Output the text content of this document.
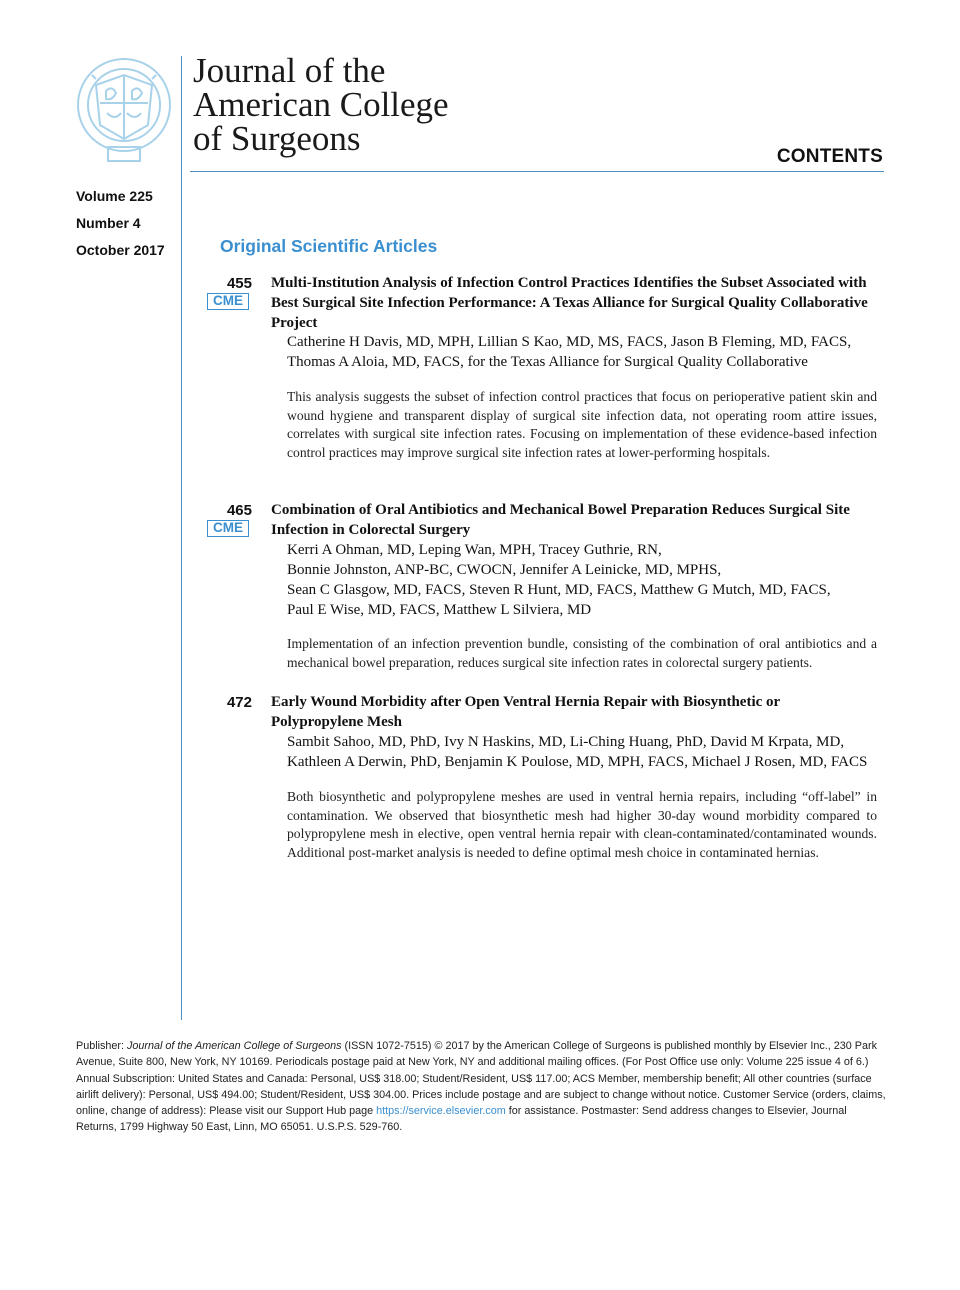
Journal of the
American College
of Surgeons	CONTENTS
Volume 225
Number 4
October 2017	Original Scientific Articles
455
CME
Multi-Institution Analysis of Infection Control Practices Identifies the Subset Associated with Best Surgical Site Infection Performance: A Texas Alliance for Surgical Quality Collaborative Project
Catherine H Davis, MD, MPH, Lillian S Kao, MD, MS, FACS, Jason B Fleming, MD, FACS,
Thomas A Aloia, MD, FACS, for the Texas Alliance for Surgical Quality Collaborative
This analysis suggests the subset of infection control practices that focus on perioperative patient skin and wound hygiene and transparent display of surgical site infection data, not operating room attire issues, correlates with surgical site infection rates. Focusing on implementation of these evidence-based infection control practices may improve surgical site infection rates at lower-performing hospitals.
465
CME
Combination of Oral Antibiotics and Mechanical Bowel Preparation Reduces Surgical Site Infection in Colorectal Surgery
Kerri A Ohman, MD, Leping Wan, MPH, Tracey Guthrie, RN,
Bonnie Johnston, ANP-BC, CWOCN, Jennifer A Leinicke, MD, MPHS,
Sean C Glasgow, MD, FACS, Steven R Hunt, MD, FACS, Matthew G Mutch, MD, FACS,
Paul E Wise, MD, FACS, Matthew L Silviera, MD
Implementation of an infection prevention bundle, consisting of the combination of oral antibiotics and a mechanical bowel preparation, reduces surgical site infection rates in colorectal surgery patients.
472 Early Wound Morbidity after Open Ventral Hernia Repair with Biosynthetic or Polypropylene Mesh
Sambit Sahoo, MD, PhD, Ivy N Haskins, MD, Li-Ching Huang, PhD, David M Krpata, MD,
Kathleen A Derwin, PhD, Benjamin K Poulose, MD, MPH, FACS, Michael J Rosen, MD, FACS
Both biosynthetic and polypropylene meshes are used in ventral hernia repairs, including “off-label” in contamination. We observed that biosynthetic mesh had higher 30-day wound morbidity compared to polypropylene mesh in elective, open ventral hernia repair with clean-contaminated/contaminated wounds. Additional post-market analysis is needed to define optimal mesh choice in contaminated hernias.
Publisher: Journal of the American College of Surgeons (ISSN 1072-7515) © 2017 by the American College of Surgeons is published monthly by Elsevier Inc., 230 Park Avenue, Suite 800, New York, NY 10169. Periodicals postage paid at New York, NY and additional mailing offices. (For Post Office use only: Volume 225 issue 4 of 6.) Annual Subscription: United States and Canada: Personal, US$ 318.00; Student/Resident, US$ 117.00; ACS Member, membership benefit; All other countries (surface airlift delivery): Personal, US$ 494.00; Student/Resident, US$ 304.00. Prices include postage and are subject to change without notice. Customer Service (orders, claims, online, change of address): Please visit our Support Hub page https://service.elsevier.com for assistance. Postmaster: Send address changes to Elsevier, Journal Returns, 1799 Highway 50 East, Linn, MO 65051. U.S.P.S. 529-760.
